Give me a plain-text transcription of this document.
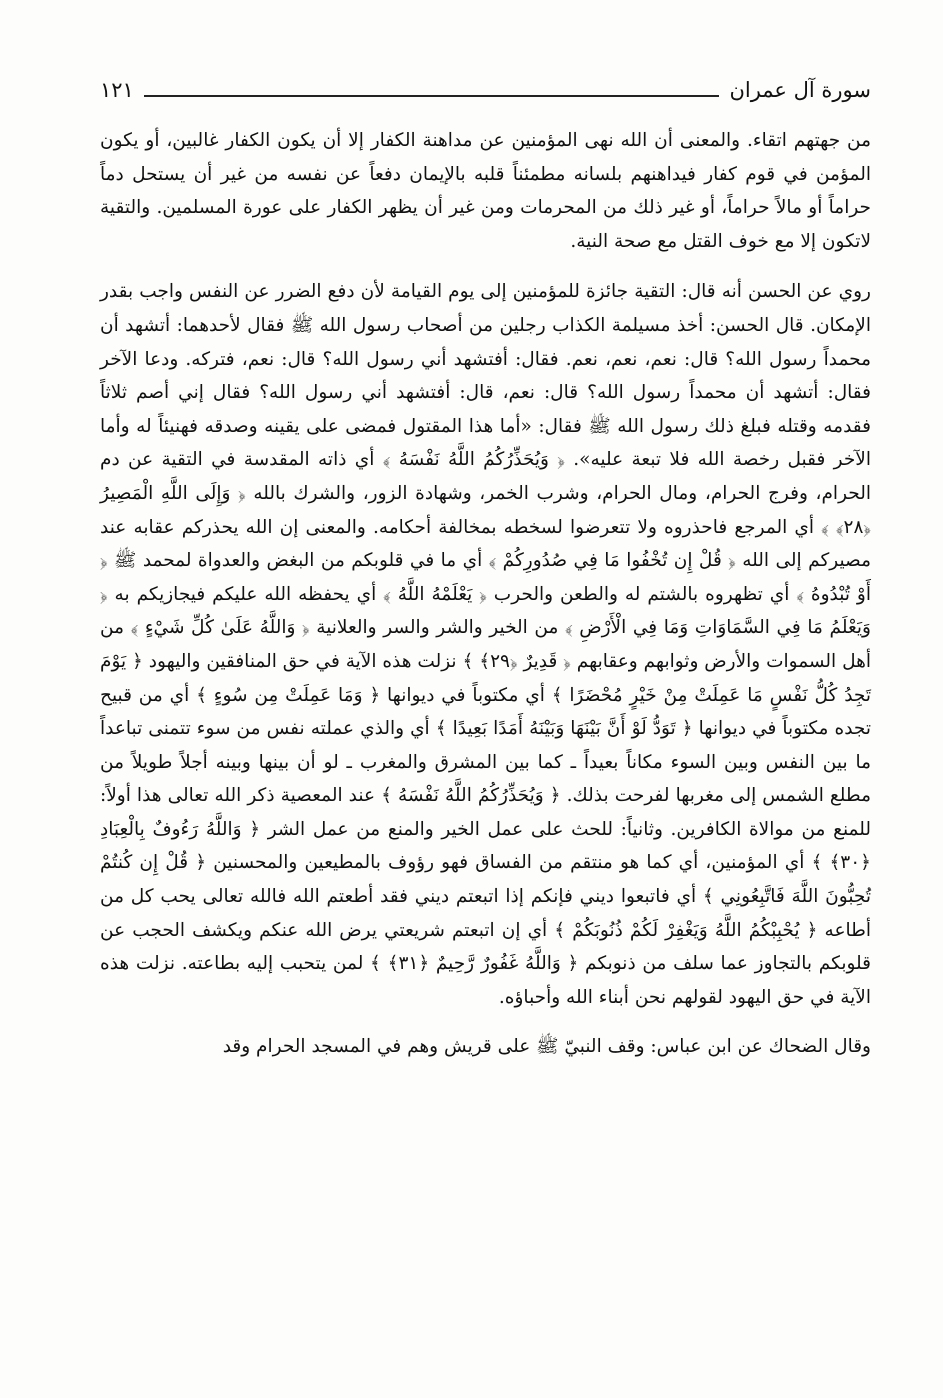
سورة آل عمران
١٢١

من جهتهم اتقاء. والمعنى أن الله نهى المؤمنين عن مداهنة الكفار إلا أن يكون الكفار غالبين، أو يكون المؤمن في قوم كفار فيداهنهم بلسانه مطمئناً قلبه بالإيمان دفعاً عن نفسه من غير أن يستحل دماً حراماً أو مالاً حراماً، أو غير ذلك من المحرمات ومن غير أن يظهر الكفار على عورة المسلمين. والتقية لاتكون إلا مع خوف القتل مع صحة النية.

روي عن الحسن أنه قال: التقية جائزة للمؤمنين إلى يوم القيامة لأن دفع الضرر عن النفس واجب بقدر الإمكان. قال الحسن: أخذ مسيلمة الكذاب رجلين من أصحاب رسول الله ﷺ فقال لأحدهما: أتشهد أن محمداً رسول الله؟ قال: نعم، نعم، نعم. فقال: أفتشهد أني رسول الله؟ قال: نعم، فتركه. ودعا الآخر فقال: أتشهد أن محمداً رسول الله؟ قال: نعم، قال: أفتشهد أني رسول الله؟ فقال إني أصم ثلاثاً فقدمه وقتله فبلغ ذلك رسول الله ﷺ فقال: «أما هذا المقتول فمضى على يقينه وصدقه فهنيئاً له وأما الآخر فقبل رخصة الله فلا تبعة عليه». ﴿ وَيُحَذِّرُكُمُ اللَّهُ نَفْسَهُ ﴾ أي ذاته المقدسة في التقية عن دم الحرام، وفرج الحرام، ومال الحرام، وشرب الخمر، وشهادة الزور، والشرك بالله ﴿ وَإِلَى اللَّهِ الْمَصِيرُ ﴿٢٨﴾ ﴾ أي المرجع فاحذروه ولا تتعرضوا لسخطه بمخالفة أحكامه. والمعنى إن الله يحذركم عقابه عند مصيركم إلى الله ﴿ قُلْ إِن تُخْفُوا مَا فِي صُدُورِكُمْ ﴾ أي ما في قلوبكم من البغض والعدواة لمحمد ﷺ ﴿ أَوْ تُبْدُوهُ ﴾ أي تظهروه بالشتم له والطعن والحرب ﴿ يَعْلَمْهُ اللَّهُ ﴾ أي يحفظه الله عليكم فيجازيكم به ﴿ وَيَعْلَمُ مَا فِي السَّمَاوَاتِ وَمَا فِي الْأَرْضِ ﴾ من الخير والشر والسر والعلانية ﴿ وَاللَّهُ عَلَىٰ كُلِّ شَيْءٍ ﴾ من أهل السموات والأرض وثوابهم وعقابهم ﴿ قَدِيرٌ ﴿٢٩﴾ ﴾ نزلت هذه الآية في حق المنافقين واليهود ﴿ يَوْمَ تَجِدُ كُلُّ نَفْسٍ مَا عَمِلَتْ مِنْ خَيْرٍ مُحْضَرًا ﴾ أي مكتوباً في ديوانها ﴿ وَمَا عَمِلَتْ مِن سُوءٍ ﴾ أي من قبيح تجده مكتوباً في ديوانها ﴿ تَوَدُّ لَوْ أَنَّ بَيْنَهَا وَبَيْنَهُ أَمَدًا بَعِيدًا ﴾ أي والذي عملته نفس من سوء تتمنى تباعداً ما بين النفس وبين السوء مكاناً بعيداً ـ كما بين المشرق والمغرب ـ لو أن بينها وبينه أجلاً طويلاً من مطلع الشمس إلى مغربها لفرحت بذلك. ﴿ وَيُحَذِّرُكُمُ اللَّهُ نَفْسَهُ ﴾ عند المعصية ذكر الله تعالى هذا أولاً: للمنع من موالاة الكافرين. وثانياً: للحث على عمل الخير والمنع من عمل الشر ﴿ وَاللَّهُ رَءُوفٌ بِالْعِبَادِ ﴿٣٠﴾ ﴾ أي المؤمنين، أي كما هو منتقم من الفساق فهو رؤوف بالمطيعين والمحسنين ﴿ قُلْ إِن كُنتُمْ تُحِبُّونَ اللَّهَ فَاتَّبِعُونِي ﴾ أي فاتبعوا ديني فإنكم إذا اتبعتم ديني فقد أطعتم الله فالله تعالى يحب كل من أطاعه ﴿ يُحْبِبْكُمُ اللَّهُ وَيَغْفِرْ لَكُمْ ذُنُوبَكُمْ ﴾ أي إن اتبعتم شريعتي يرض الله عنكم ويكشف الحجب عن قلوبكم بالتجاوز عما سلف من ذنوبكم ﴿ وَاللَّهُ غَفُورٌ رَّحِيمٌ ﴿٣١﴾ ﴾ لمن يتحبب إليه بطاعته. نزلت هذه الآية في حق اليهود لقولهم نحن أبناء الله وأحباؤه.

وقال الضحاك عن ابن عباس: وقف النبيّ ﷺ على قريش وهم في المسجد الحرام وقد
